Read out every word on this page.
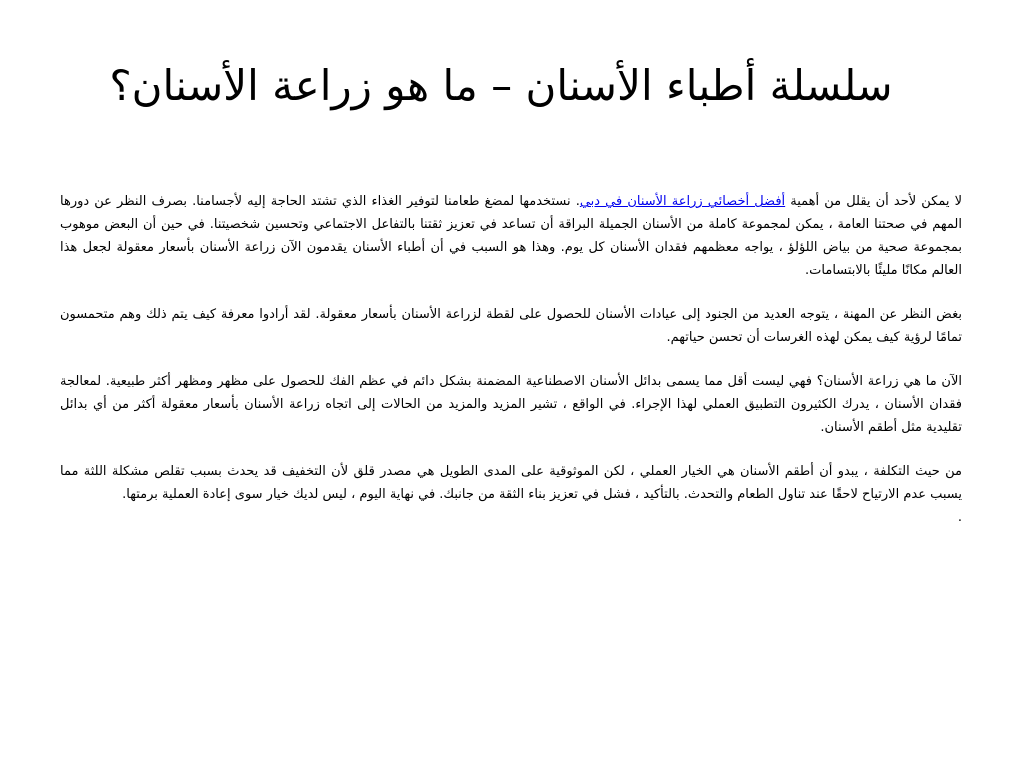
سلسلة أطباء الأسنان – ما هو زراعة الأسنان؟

لا يمكن لأحد أن يقلل من أهمية أفضل أخصائي زراعة الأسنان في دبي. نستخدمها لمضغ طعامنا لتوفير الغذاء الذي تشتد الحاجة إليه لأجسامنا. بصرف النظر عن دورها المهم في صحتنا العامة ، يمكن لمجموعة كاملة من الأسنان الجميلة البراقة أن تساعد في تعزيز ثقتنا بالتفاعل الاجتماعي وتحسين شخصيتنا. في حين أن البعض موهوب بمجموعة صحية من بياض اللؤلؤ ، يواجه معظمهم فقدان الأسنان كل يوم. وهذا هو السبب في أن أطباء الأسنان يقدمون الآن زراعة الأسنان بأسعار معقولة لجعل هذا العالم مكانًا مليئًا بالابتسامات.

بغض النظر عن المهنة ، يتوجه العديد من الجنود إلى عيادات الأسنان للحصول على لقطة لزراعة الأسنان بأسعار معقولة. لقد أرادوا معرفة كيف يتم ذلك وهم متحمسون تمامًا لرؤية كيف يمكن لهذه الغرسات أن تحسن حياتهم.

الآن ما هي زراعة الأسنان؟ فهي ليست أقل مما يسمى بدائل الأسنان الاصطناعية المضمنة بشكل دائم في عظم الفك للحصول على مظهر ومظهر أكثر طبيعية. لمعالجة فقدان الأسنان ، يدرك الكثيرون التطبيق العملي لهذا الإجراء. في الواقع ، تشير المزيد والمزيد من الحالات إلى اتجاه زراعة الأسنان بأسعار معقولة أكثر من أي بدائل تقليدية مثل أطقم الأسنان.

من حيث التكلفة ، يبدو أن أطقم الأسنان هي الخيار العملي ، لكن الموثوقية على المدى الطويل هي مصدر قلق لأن التخفيف قد يحدث بسبب تقلص مشكلة اللثة مما يسبب عدم الارتياح لاحقًا عند تناول الطعام والتحدث. بالتأكيد ، فشل في تعزيز بناء الثقة من جانبك. في نهاية اليوم ، ليس لديك خيار سوى إعادة العملية برمتها.

.
